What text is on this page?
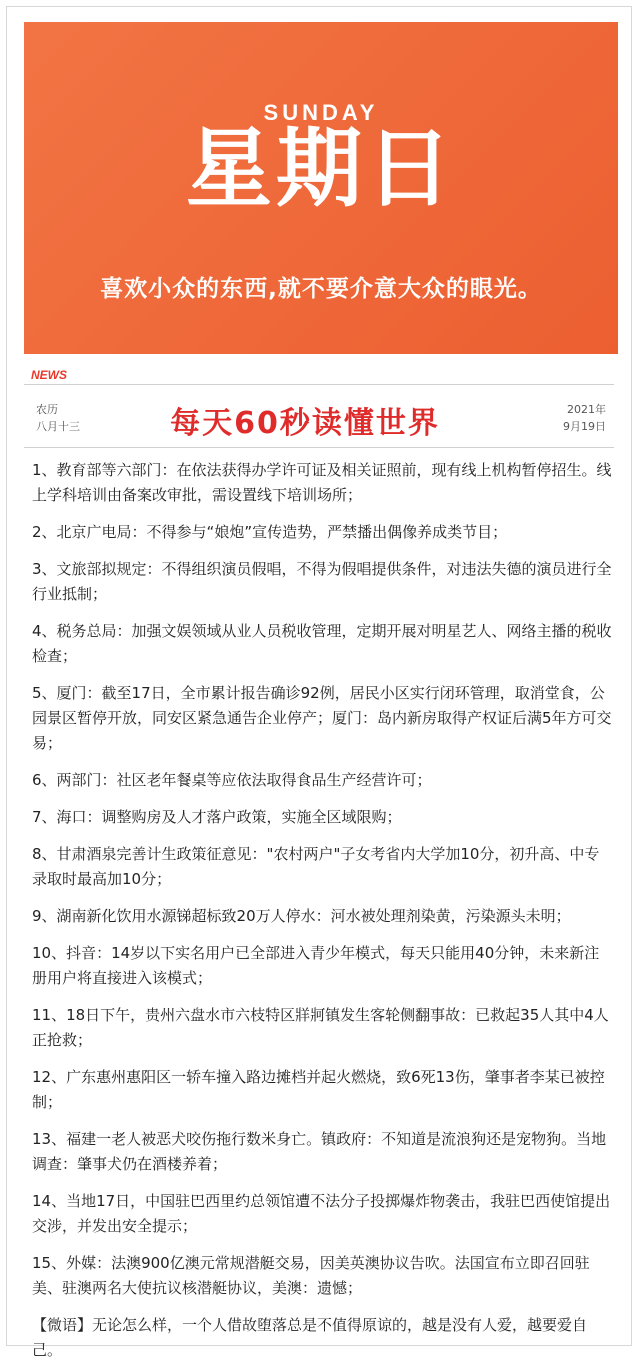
SUNDAY
星期日
喜欢小众的东西,就不要介意大众的眼光。
NEWS
农历
八月十三	每天60秒读懂世界	2021年
9月19日
1、教育部等六部门：在依法获得办学许可证及相关证照前，现有线上机构暂停招生。线上学科培训由备案改审批，需设置线下培训场所；
2、北京广电局：不得参与“娘炮”宣传造势，严禁播出偶像养成类节目；
3、文旅部拟规定：不得组织演员假唱，不得为假唱提供条件，对违法失德的演员进行全行业抵制；
4、税务总局：加强文娱领域从业人员税收管理，定期开展对明星艺人、网络主播的税收检查；
5、厦门：截至17日，全市累计报告确诊92例，居民小区实行闭环管理，取消堂食，公园景区暂停开放，同安区紧急通告企业停产；厦门：岛内新房取得产权证后满5年方可交易；
6、两部门：社区老年餐桌等应依法取得食品生产经营许可；
7、海口：调整购房及人才落户政策，实施全区域限购；
8、甘肃酒泉完善计生政策征意见："农村两户"子女考省内大学加10分，初升高、中专录取时最高加10分；
9、湖南新化饮用水源锑超标致20万人停水：河水被处理剂染黄，污染源头未明；
10、抖音：14岁以下实名用户已全部进入青少年模式，每天只能用40分钟，未来新注册用户将直接进入该模式；
11、18日下午，贵州六盘水市六枝特区牂牁镇发生客轮侧翻事故：已救起35人其中4人正抢救；
12、广东惠州惠阳区一轿车撞入路边摊档并起火燃烧，致6死13伤，肇事者李某已被控制；
13、福建一老人被恶犬咬伤拖行数米身亡。镇政府：不知道是流浪狗还是宠物狗。当地调查：肇事犬仍在酒楼养着；
14、当地17日，中国驻巴西里约总领馆遭不法分子投掷爆炸物袭击，我驻巴西使馆提出交涉，并发出安全提示；
15、外媒：法澳900亿澳元常规潜艇交易，因美英澳协议告吹。法国宣布立即召回驻美、驻澳两名大使抗议核潜艇协议，美澳：遗憾；
【微语】无论怎么样，一个人借故堕落总是不值得原谅的，越是没有人爱，越要爱自己。
